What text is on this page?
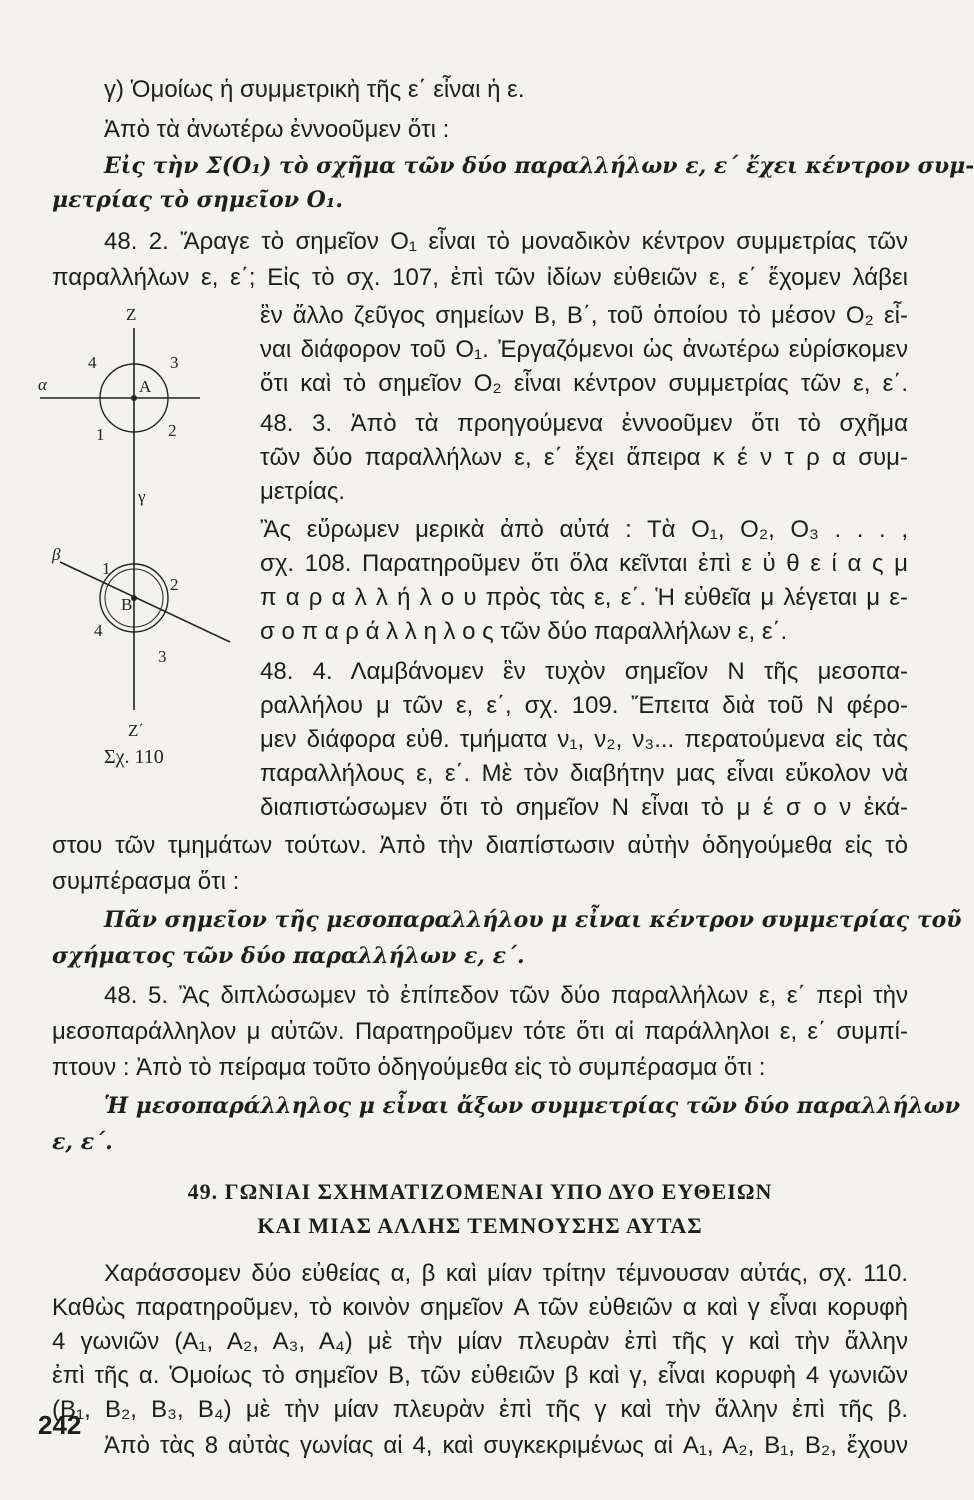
γ) Ὁμοίως ἡ συμμετρικὴ τῆς ε΄ εἶναι ἡ ε.
Ἀπὸ τὰ ἀνωτέρω ἐννοοῦμεν ὅτι :
Εἰς τὴν Σ(O₁) τὸ σχῆμα τῶν δύο παραλλήλων ε, ε΄ ἔχει κέντρον συμ-
μετρίας τὸ σημεῖον O₁.
48. 2. Ἄραγε τὸ σημεῖον O₁ εἶναι τὸ μοναδικὸν κέντρον συμμετρίας τῶν
παραλλήλων ε, ε΄; Εἰς τὸ σχ. 107, ἐπὶ τῶν ἰδίων εὐθειῶν ε, ε΄ ἔχομεν λάβει
ἓν ἄλλο ζεῦγος σημείων B, B΄, τοῦ ὁποίου τὸ μέσον O₂ εἶ-
ναι διάφορον τοῦ O₁. Ἐργαζόμενοι ὡς ἀνωτέρω εὑρίσκομεν
ὅτι καὶ τὸ σημεῖον O₂ εἶναι κέντρον συμμετρίας τῶν ε, ε΄.
48. 3. Ἀπὸ τὰ προηγούμενα ἐννοοῦμεν ὅτι τὸ σχῆμα
τῶν δύο παραλλήλων ε, ε΄ ἔχει ἄπειρα κ έ ν τ ρ α συμ-
μετρίας.
Ἂς εὕρωμεν μερικὰ ἀπὸ αὐτά : Τὰ O₁, O₂, O₃ . . . ,
σχ. 108. Παρατηροῦμεν ὅτι ὅλα κεῖνται ἐπὶ ε ὐ θ ε ί α ς μ
π α ρ α λ λ ή λ ο υ πρὸς τὰς ε, ε΄. Ἡ εὐθεῖα μ λέγεται μ ε-
σ ο π α ρ ά λ λ η λ ο ς τῶν δύο παραλλήλων ε, ε΄.
48. 4. Λαμβάνομεν ἓν τυχὸν σημεῖον N τῆς μεσοπα-
ραλλήλου μ τῶν ε, ε΄, σχ. 109. Ἔπειτα διὰ τοῦ N φέρο-
μεν διάφορα εὐθ. τμήματα ν₁, ν₂, ν₃... περατούμενα εἰς τὰς
παραλλήλους ε, ε΄. Μὲ τὸν διαβήτην μας εἶναι εὔκολον νὰ
διαπιστώσωμεν ὅτι τὸ σημεῖον N εἶναι τὸ μ έ σ ο ν ἑκά-
στου τῶν τμημάτων τούτων. Ἀπὸ τὴν διαπίστωσιν αὐτὴν ὁδηγούμεθα εἰς τὸ
συμπέρασμα ὅτι :
Πᾶν σημεῖον τῆς μεσοπαραλλήλου μ εἶναι κέντρον συμμετρίας τοῦ
σχήματος τῶν δύο παραλλήλων ε, ε΄.
48. 5. Ἂς διπλώσωμεν τὸ ἐπίπεδον τῶν δύο παραλλήλων ε, ε΄ περὶ τὴν
μεσοπαράλληλον μ αὐτῶν. Παρατηροῦμεν τότε ὅτι αἱ παράλληλοι ε, ε΄ συμπί-
πτουν : Ἀπὸ τὸ πείραμα τοῦτο ὁδηγούμεθα εἰς τὸ συμπέρασμα ὅτι :
Ἡ μεσοπαράλληλος μ εἶναι ἄξων συμμετρίας τῶν δύο παραλλήλων
ε, ε΄.
49. ΓΩΝΙΑΙ ΣΧΗΜΑΤΙΖΟΜΕΝΑΙ ΥΠΟ ΔΥΟ ΕΥΘΕΙΩΝ
ΚΑΙ ΜΙΑΣ ΑΛΛΗΣ ΤΕΜΝΟΥΣΗΣ ΑΥΤΑΣ
Χαράσσομεν δύο εὐθείας α, β καὶ μίαν τρίτην τέμνουσαν αὐτάς, σχ. 110.
Καθὼς παρατηροῦμεν, τὸ κοινὸν σημεῖον A τῶν εὐθειῶν α καὶ γ εἶναι κορυφὴ
4 γωνιῶν (A₁, A₂, A₃, A₄) μὲ τὴν μίαν πλευρὰν ἐπὶ τῆς γ καὶ τὴν ἄλλην
ἐπὶ τῆς α. Ὁμοίως τὸ σημεῖον B, τῶν εὐθειῶν β καὶ γ, εἶναι κορυφὴ 4 γωνιῶν
(B₁, B₂, B₃, B₄) μὲ τὴν μίαν πλευρὰν ἐπὶ τῆς γ καὶ τὴν ἄλλην ἐπὶ τῆς β.
Ἀπὸ τὰς 8 αὐτὰς γωνίας αἱ 4, καὶ συγκεκριμένως αἱ A₁, A₂, B₁, B₂, ἔχουν
Z
Z΄
α
β
γ
A
B
4	3
1	2
1
2
4
3
Σχ. 110
242
